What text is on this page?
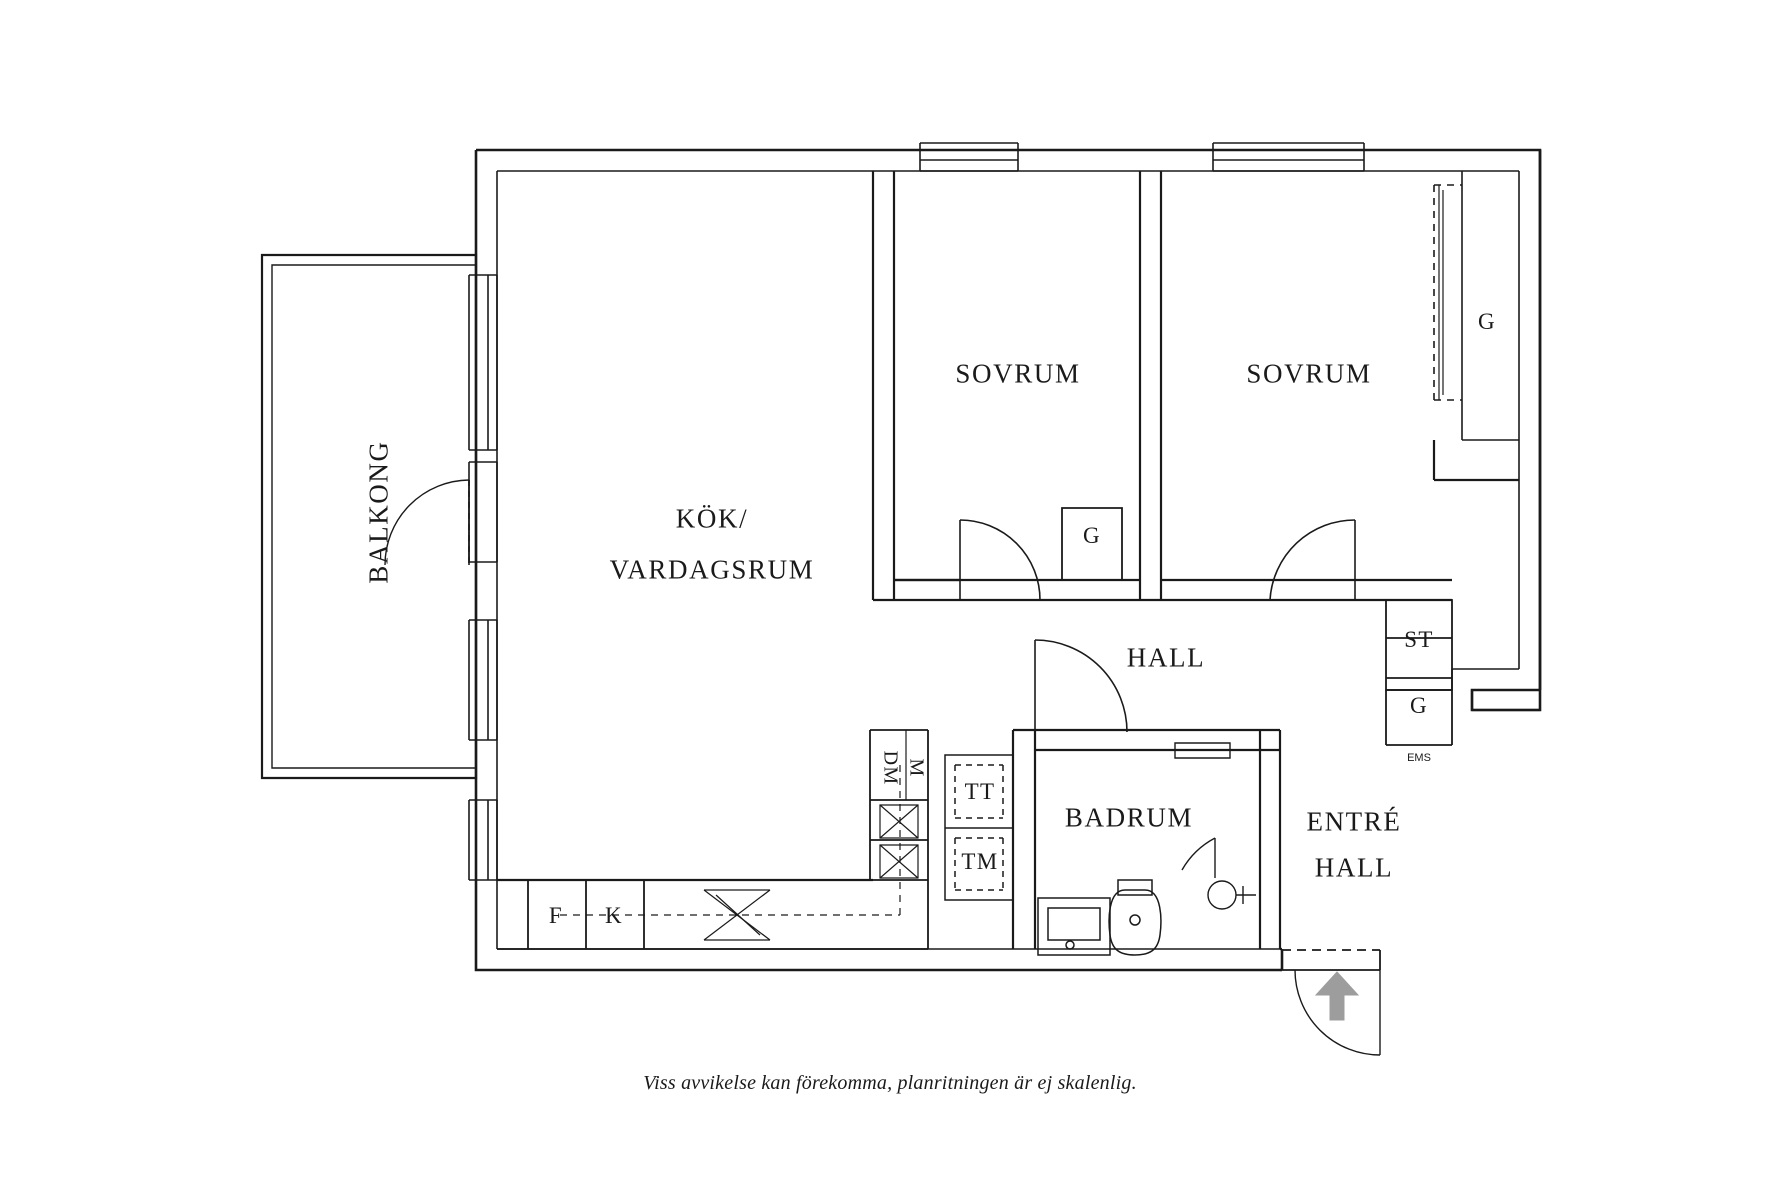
BALKONG	KÖK/
VARDAGSRUM
SOVRUM	SOVRUM
HALL
BADRUM	ENTRÉ
HALL
G
G
ST
G
EMS
F K
DM M
TT
TM
Viss avvikelse kan förekomma, planritningen är ej skalenlig.
